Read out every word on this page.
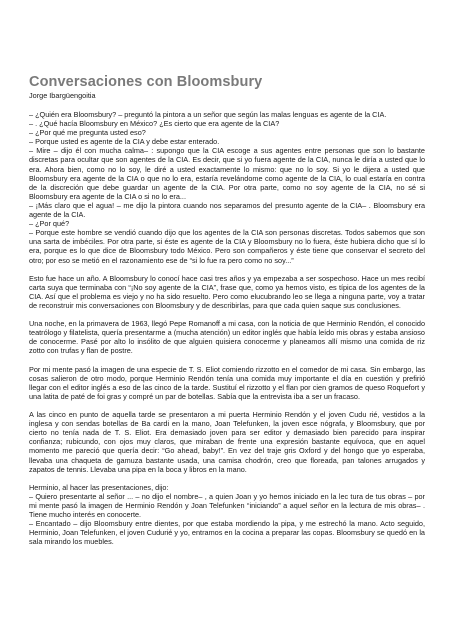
Conversaciones con Bloomsbury
Jorge Ibargüengoitia

– ¿Quién era Bloomsbury? – preguntó la pintora a un señor que según las malas lenguas es agente de la CIA.

– . ¿Qué hacía Bloomsbury en México? ¿Es cierto que era agente de la CIA?

– ¿Por qué me pregunta usted eso?

– Porque usted es agente de la CIA y debe estar enterado.

– Mire – dijo él con mucha calma– : supongo que la CIA escoge a sus agentes entre personas que son lo bastante discretas para ocultar que son agentes de la CIA. Es decir, que si yo fuera agente de la CIA, nunca le diría a usted que lo era. Ahora bien, como no lo soy, le diré a usted exactamente lo mismo: que no lo soy. Si yo le dijera a usted que Bloomsbury era agente de la CIA o que no lo era, estaría revelándome como agente de la CIA, lo cual estaría en contra de la discreción que debe guardar un agente de la CIA. Por otra parte, como no soy agente de la CIA, no sé si Bloomsbury era agente de la CIA o si no lo era...

– ¡Más claro que el agua! – me dijo la pintora cuando nos separamos del presunto agente de la CIA– . Bloomsbury era agente de la CIA.

– ¿Por qué?

– Porque este hombre se vendió cuando dijo que los agentes de la CIA son personas discretas. Todos sabemos que son una sarta de imbéciles. Por otra parte, si éste es agente de la CIA y Bloomsbury no lo fuera, éste hubiera dicho que sí lo era, porque es lo que dice de Bloomsbury todo México. Pero son compañeros y éste tiene que conservar el secreto del otro; por eso se metió en el razonamiento ese de “si lo fue ra pero como no soy...”

Esto fue hace un año. A Bloomsbury lo conocí hace casi tres años y ya empezaba a ser sospechoso. Hace un mes recibí carta suya que terminaba con “¡No soy agente de la CIA”, frase que, como ya hemos visto, es típica de los agentes de la CIA. Así que el problema es viejo y no ha sido resuelto. Pero como elucubrando leo se llega a ninguna parte, voy a tratar de reconstruir mis conversaciones con Bloomsbury y de describirlas, para que cada quien saque sus conclusiones.

Una noche, en la primavera de 1963, llegó Pepe Romanoff a mi casa, con la noticia de que Herminio Rendón, el conocido teatrólogo y filatelista, quería presentarme a (mucha atención) un editor inglés que había leído mis obras y estaba ansioso de conocerme. Pasé por alto lo insólito de que alguien quisiera conocerme y planeamos allí mismo una comida de riz zotto con trufas y flan de postre.

Por mi mente pasó la imagen de una especie de T. S. Eliot comiendo rizzotto en el comedor de mi casa. Sin embargo, las cosas salieron de otro modo, porque Herminio Rendón tenía una comida muy importante el día en cuestión y prefirió llegar con el editor inglés a eso de las cinco de la tarde. Sustituí el rizzotto y el flan por cien gramos de queso Roquefort y una latita de paté de foi gras y compré un par de botellas. Sabía que la entrevista iba a ser un fracaso.

A las cinco en punto de aquella tarde se presentaron a mi puerta Herminio Rendón y el joven Cudu rié, vestidos a la inglesa y con sendas botellas de Ba cardi en la mano, Joan Telefunken, la joven esce nógrafa, y Bloomsbury, que por cierto no tenía nada de T. S. Eliot. Era demasiado joven para ser editor y demasiado bien parecido para inspirar confianza; rubicundo, con ojos muy claros, que miraban de frente una expresión bastante equívoca, que en aquel momento me pareció que quería decir: “Go ahead, baby!”. En vez del traje gris Oxford y del hongo que yo esperaba, llevaba una chaqueta de gamuza bastante usada, una camisa chodrón, creo que floreada, pan talones arrugados y zapatos de tennis. Llevaba una pipa en la boca y libros en la mano.

Herminio, al hacer las presentaciones, dijo:

– Quiero presentarte al señor ... – no dijo el nombre– , a quien Joan y yo hemos iniciado en la lec tura de tus obras – por mi mente pasó la imagen de Herminio Rendón y Joan Telefunken “iniciando” a aquel señor en la lectura de mis obras– . Tiene mucho interés en conocerte.

– Encantado – dijo Bloomsbury entre dientes, por que estaba mordiendo la pipa, y me estrechó la mano. Acto seguido, Herminio, Joan Telefunken, el joven Cudurié y yo, entramos en la cocina a preparar las copas. Bloomsbury se quedó en la sala mirando los muebles.
